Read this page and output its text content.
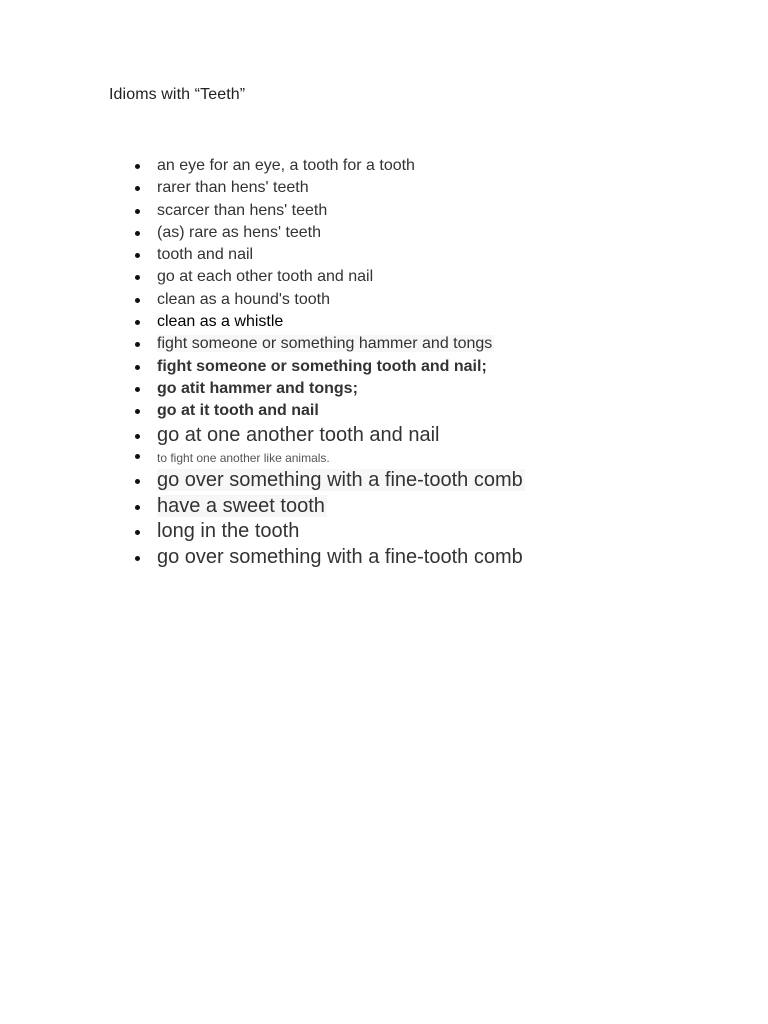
Idioms with “Teeth”
an eye for an eye, a tooth for a tooth
rarer than hens' teeth
scarcer than hens' teeth
(as) rare as hens' teeth
tooth and nail
go at each other tooth and nail
clean as a hound's tooth
clean as a whistle
fight someone or something hammer and tongs
fight someone or something tooth and nail;
go atit hammer and tongs;
go at it tooth and nail
go at one another tooth and nail
to fight one another like animals.
go over something with a fine-tooth comb
have a sweet tooth
long in the tooth
go over something with a fine-tooth comb
